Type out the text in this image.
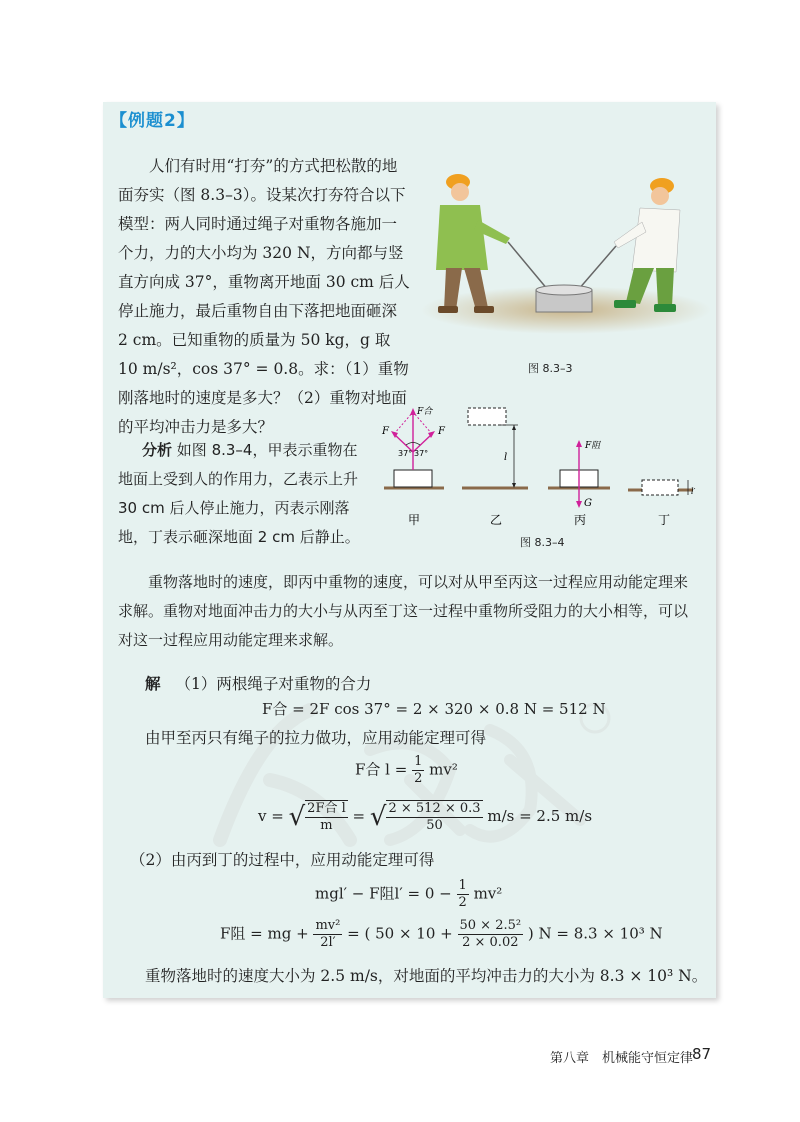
【例题2】

人们有时用“打夯”的方式把松散的地面夯实（图 8.3–3）。设某次打夯符合以下模型：两人同时通过绳子对重物各施加一个力，力的大小均为 320 N，方向都与竖直方向成 37°，重物离开地面 30 cm 后人停止施力，最后重物自由下落把地面砸深 2 cm。已知重物的质量为 50 kg，g 取 10 m/s²，cos 37° = 0.8。求：（1）重物刚落地时的速度是多大？（2）重物对地面的平均冲击力是多大？

图 8.3–3

分析 如图 8.3–4，甲表示重物在地面上受到人的作用力，乙表示上升 30 cm 后人停止施力，丙表示刚落地，丁表示砸深地面 2 cm 后静止。

F合
F	F
37° 37°	l
F阻
G
l′
甲	乙	丙	丁
图 8.3–4

重物落地时的速度，即丙中重物的速度，可以对从甲至丙这一过程应用动能定理来求解。重物对地面冲击力的大小与从丙至丁这一过程中重物所受阻力的大小相等，可以对这一过程应用动能定理来求解。

解 （1）两根绳子对重物的合力
F合 = 2F cos 37° = 2 × 320 × 0.8 N = 512 N
由甲至丙只有绳子的拉力做功，应用动能定理可得
F合 $l = \frac{1}{2} mv^2$
v = √ $\frac{\text{2F合 l}}{m}$ = √ $\frac{2 \times 512 \times 0.3}{50} m/s = 2.5$ m/s
（2）由丙到丁的过程中，应用动能定理可得
mgl′ − F阻$l' = 0 - \frac{1}{2} mv^2$
F阻 = mg + $\frac{\text{mv²}}{2l'}$ = ( $50 \times 10 + \frac{\text{50 × 2.5²}}{2 \times 0.02}$ ) N = 8.3 × 10³ N
重物落地时的速度大小为 2.5 m/s，对地面的平均冲击力的大小为 8.3 × 10³ N。
第八章　机械能守恒定律
87
